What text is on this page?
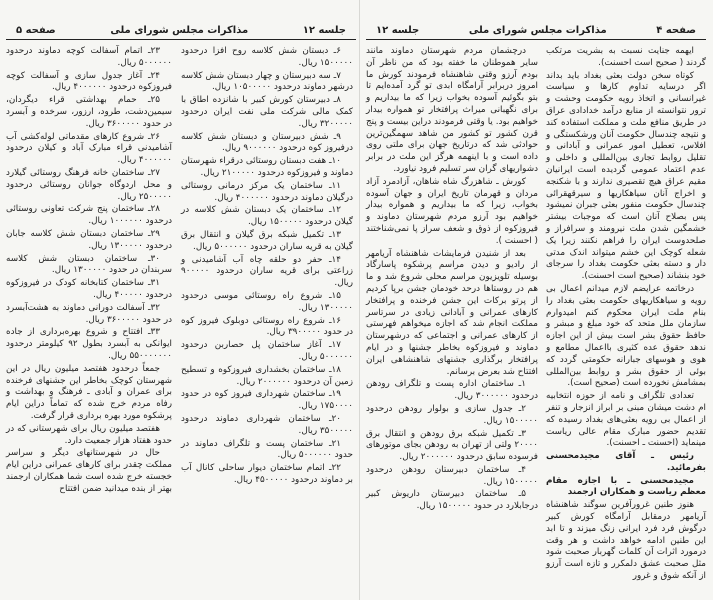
صفحه ۴
مذاکرات مجلس شورای ملی
جلسه ۱۲
جلسه ۱۲
مذاکرات مجلس شورای ملی
صفحه ۵

ایهمه جنایت نسبت به بشریت مرتکب گردند ( صحیح است احسنت).

کوتاه سخن دولت بعثی بغداد باید بداند اگر درسایه تداوم کارها و سیاست غیرانسانی و اتخاذ رویه حکومت وحشت و ترور نتوانسته از منابع درآمد خدادادی عراق در طریق منافع ملت و مملکت استفاده کند و نتیجه چندسال حکومت آنان ورشکستگی و افلاس، تعطیل امور عمرانی و آبادانی و تقلیل روابط تجاری بین‌المللی و داخلی و عدم اعتماد عمومی گردیده است ایرانیان مقیم عراق هیچ تقصیری ندارند و با شکنجه و اخراج آنان سیاهکاریها و سیرقهقرائی چندسال حکومت منفور بعثی جبران نمیشود پس بصلاح آنان است که موجبات بیشتر خشمگین شدن ملت نیرومند و سرافراز و صلحدوست ایران را فراهم نکنند زیرا یک شعله کوچک این خشم میتواند اندک مدتی دار و دسته بعثی حکومت بغداد را سرجای خود بنشاند (صحیح است احسنت).

درخاتمه عرایضم لازم میدانم اعمال بی رویه و سیاهکاریهای حکومت بعثی بغداد را بنام ملت ایران محکوم کنم امیدوارم سازمان ملل متحد که خود مبلغ و مبشر و حافظ حقوق بشر است بیش از این اجازه ندهد حقوق عده کثیری بااعمال مطامع و هوی و هوسهای جبارانه حکومتی گردد که بوئی از حقوق بشر و روابط بین‌المللی بمشامش نخورده است (صحیح است).

تعدادی تلگراف و نامه از حوزه انتخابیه ام دشت میشان مبنی بر ابراز انزجار و تنفر از اعمال بی رویه بعثی‌های بغداد رسیده که تقدیم حضور مبارک مقام عالی ریاست مینماید (احسنت ـ احسنت).

رئیس ـ آقای مجیدمحسنی بفرمائید.

مجیدمحسنی ـ با اجازه مقام معظم ریاست و همکاران ارجمند

هنوز طنین غرورآفرین سوگند شاهنشاه آریامهر درمقابل آرامگاه کورش کبیر درگوش فرد فرد ایرانی زنگ میزند و تا ابد این طنین ادامه خواهد داشت و هر وقت درمورد اثرات آن کلمات گهربار صحبت شود مثل صحبت عشق دلمکرر و تازه است آرزو از آنکه شوق و غرور

درچشمان مردم شهرستان دماوند مانند سایر هموطنان ما خفته بود که من ناظر آن بودم آرزو وقتی شاهنشاه فرمودند کورش ما امروز دربرابر آرامگاه ابدی تو گرد آمده‌ایم تا بتو بگوئیم آسوده بخواب زیرا که ما بیداریم و برای نگهبانی میراث پرافتخار تو همواره بیدار خواهیم بود. یا وقتی فرمودند دراین بیست و پنج قرن کشور تو کشور من شاهد سهمگین‌ترین حوادثی شد که درتاریخ جهان برای ملتی روی داده است و با اینهمه هرگز این ملت در برابر دشواریهای گران سر تسلیم فرود نیاورد.

کورش ـ شاهزرگ شاه شاهان، آزادمرد آزاد مردان و قهرمان تاریخ ایران و جهان آسوده بخواب، زیرا که ما بیداریم و همواره بیدار خواهیم بود آرزو مردم شهرستان دماوند و فیروزکوه از ذوق و شعف سراز پا نمی‌شناختند ( احسنت ).

بعد از شنیدن فرمایشات شاهنشاه آریامهر از رادیو و دیدن مراسم پرشکوه پاسارگاد بوسیله تلویزیون مراسم محلی شروع شد و ما هم در روستاها درحد خودمان جشن برپا کردیم از پرتو برکات این جشن فرخنده و پرافتخار کارهای عمرانی و آبادانی زیادی در سرتاسر مملکت انجام شد که اجازه میخواهم فهرستی از کارهای عمرانی و اجتماعی که درشهرستان دماوند و فیروزکوه بخاطر جشنها و در ایام پرافتخار برگذاری جشنهای شاهنشاهی ایران افتتاح شد بعرض برسانم.

۱ـ ساختمان اداره پست و تلگراف رودهن درحدود ۳۰۰۰۰۰۰ ریال.

۲ـ جدول سازی و بولوار رودهن درحدود ۱۵۰۰۰۰۰ ریال.

۳ـ تکمیل شبکه برق رودهن و انتقال برق ۲۰۰۰۰ ولتی از تهران به رودهن بجای موتورهای فرسوده سابق درحدود ۲۰۰۰۰۰۰ ریال.

۴ـ ساختمان دبیرستان رودهن درحدود ۱۵۰۰۰۰۰ ریال.

۵ـ ساختمان دبیرستان داریوش کبیر درجابلارد در حدود ۱۵۰۰۰۰۰ ریال.

۶ـ دبستان شش کلاسه روح افزا درحدود ۱۵۰۰۰۰۰ ریال.

۷ـ سه دبیرستان و چهار دبستان شش کلاسه درشهر دماوند درحدود ۱۰۵۰۰۰۰۰ ریال.

۸ـ دبیرستان کورش کبیر با شانزده اطاق با کمک مالی شرکت ملی نفت ایران درحدود ۳۲۰۰۰۰۰ ریال.

۹ـ شش دبیرستان و دبستان شش کلاسه درفیروز کوه درحدود ۹۰۰۰۰۰۰ ریال.

۱۰ـ هفت دبستان روستائی درقراء شهرستان دماوند و فیروزکوه درحدود ۲۱۰۰۰۰۰ ریال.

۱۱ـ ساختمان یک مرکز درمانی روستائی درگیلان دماوند درحدود ۴۰۰۰۰۰۰ ریال.

۱۲ـ ساختمان یک دبستان شش کلاسه در گیلان درحدود ۱۵۰۰۰۰۰ ریال.

۱۳ـ تکمیل شبکه برق گیلان و انتقال برق گیلان به قریه ساران درحدود ۵۰۰۰۰۰۰ ریال.

۱۴ـ حفر دو حلقه چاه آب آشامیدنی و زراعتی برای قریه ساران درحدود ۹۰۰۰۰۰ ریال.

۱۵ـ شروع راه روستائی موسی درحدود ۱۳۰۰۰۰۰ ریال.

۱۶ـ شروع راه روستائی دوبلوک فیروز کوه در حدود ۳۹۰۰۰۰۰ ریال.

۱۷ـ آغاز ساختمان پل حصاربن درحدود ۵۰۰۰۰۰۰ ریال.

۱۸ـ ساختمان بخشداری فیروزکوه و تسطیح زمین آن درحدود ۲۰۰۰۰۰۰ ریال.

۱۹ـ ساختمان شهرداری فیروز کوه در حدود ۱۷۵۰۰۰۰ ریال.

۲۰ـ ساختمان شهرداری دماوند درحدود ۳۵۰۰۰۰۰ ریال.

۲۱ـ ساختمان پست و تلگراف دماوند در حدود ۵۰۰۰۰۰۰ ریال.

۲۲ـ اتمام ساختمان دیوار ساحلی کانال آب بر دماوند درحدود ۴۵۰۰۰۰۰ ریال.

۲۳ـ اتمام آسفالت کوچه دماوند درحدود ۵۰۰۰۰۰۰ ریال.

۲۴ـ آغاز جدول سازی و آسفالت کوچه فیروزکوه درحدود ۴۰۰۰۰۰۰ ریال.

۲۵ـ حمام بهداشتی قراء دیگردان، سیمین‌دشت، طرود، ارزور، سرخده و آبسرد در حدود ۳۶۰۰۰۰۰ ریال.

۲۶ـ شروع کارهای مقدماتی لوله‌کشی آب آشامیدنی قراء مبارک آباد و کیلان درحدود ۴۰۰۰۰۰۰ ریال.

۲۷ـ ساختمان خانه فرهنگ روستائی گیلارد و محل اردوگاه جوانان روستائی درحدود ۲۵۰۰۰۰۰ ریال.

۲۸ـ ساختمان پنج شرکت تعاونی روستائی درحدود ۱۰۰۰۰۰۰ ریال.

۲۹ـ ساختمان دبستان شش کلاسه جابان درحدود ۱۳۰۰۰۰۰ ریال.

۳۰ـ ساختمان دبستان شش کلاسه سربندان در حدود ۱۳۰۰۰۰۰ ریال.

۳۱ـ ساختمان کتابخانه کودک در فیروزکوه درحدود ۴۰۰۰۰۰ ریال.

۳۲ـ آسفالت دورانی دماوند به هشت‌آبسرد در حدود ۳۶۰۰۰۰۰ ریال.

۳۳ـ افتتاح و شروع بهره‌برداری از جاده ایوانکی به آبسرد بطول ۹۲ کیلومتر درحدود ۵۵۰۰۰۰۰۰۰ ریال.

جمعاً درحدود هفتصد میلیون ریال در این شهرستان کوچک بخاطر این جشنهای فرخنده برای عمران و آبادی ـ فرهنگ و بهداشت و رفاه مردم خرج شده که تماماً دراین ایام پرشکوه مورد بهره برداری قرار گرفت.

هفتصد میلیون ریال برای شهرستانی که در حدود هفتاد هزار جمعیت دارد.

حال در شهرستانهای دیگر و سراسر مملکت چقدر برای کارهای عمرانی دراین ایام خجسته خرج شده است شما همکاران ارجمند بهتر از بنده میدانید ضمن افتتاح
